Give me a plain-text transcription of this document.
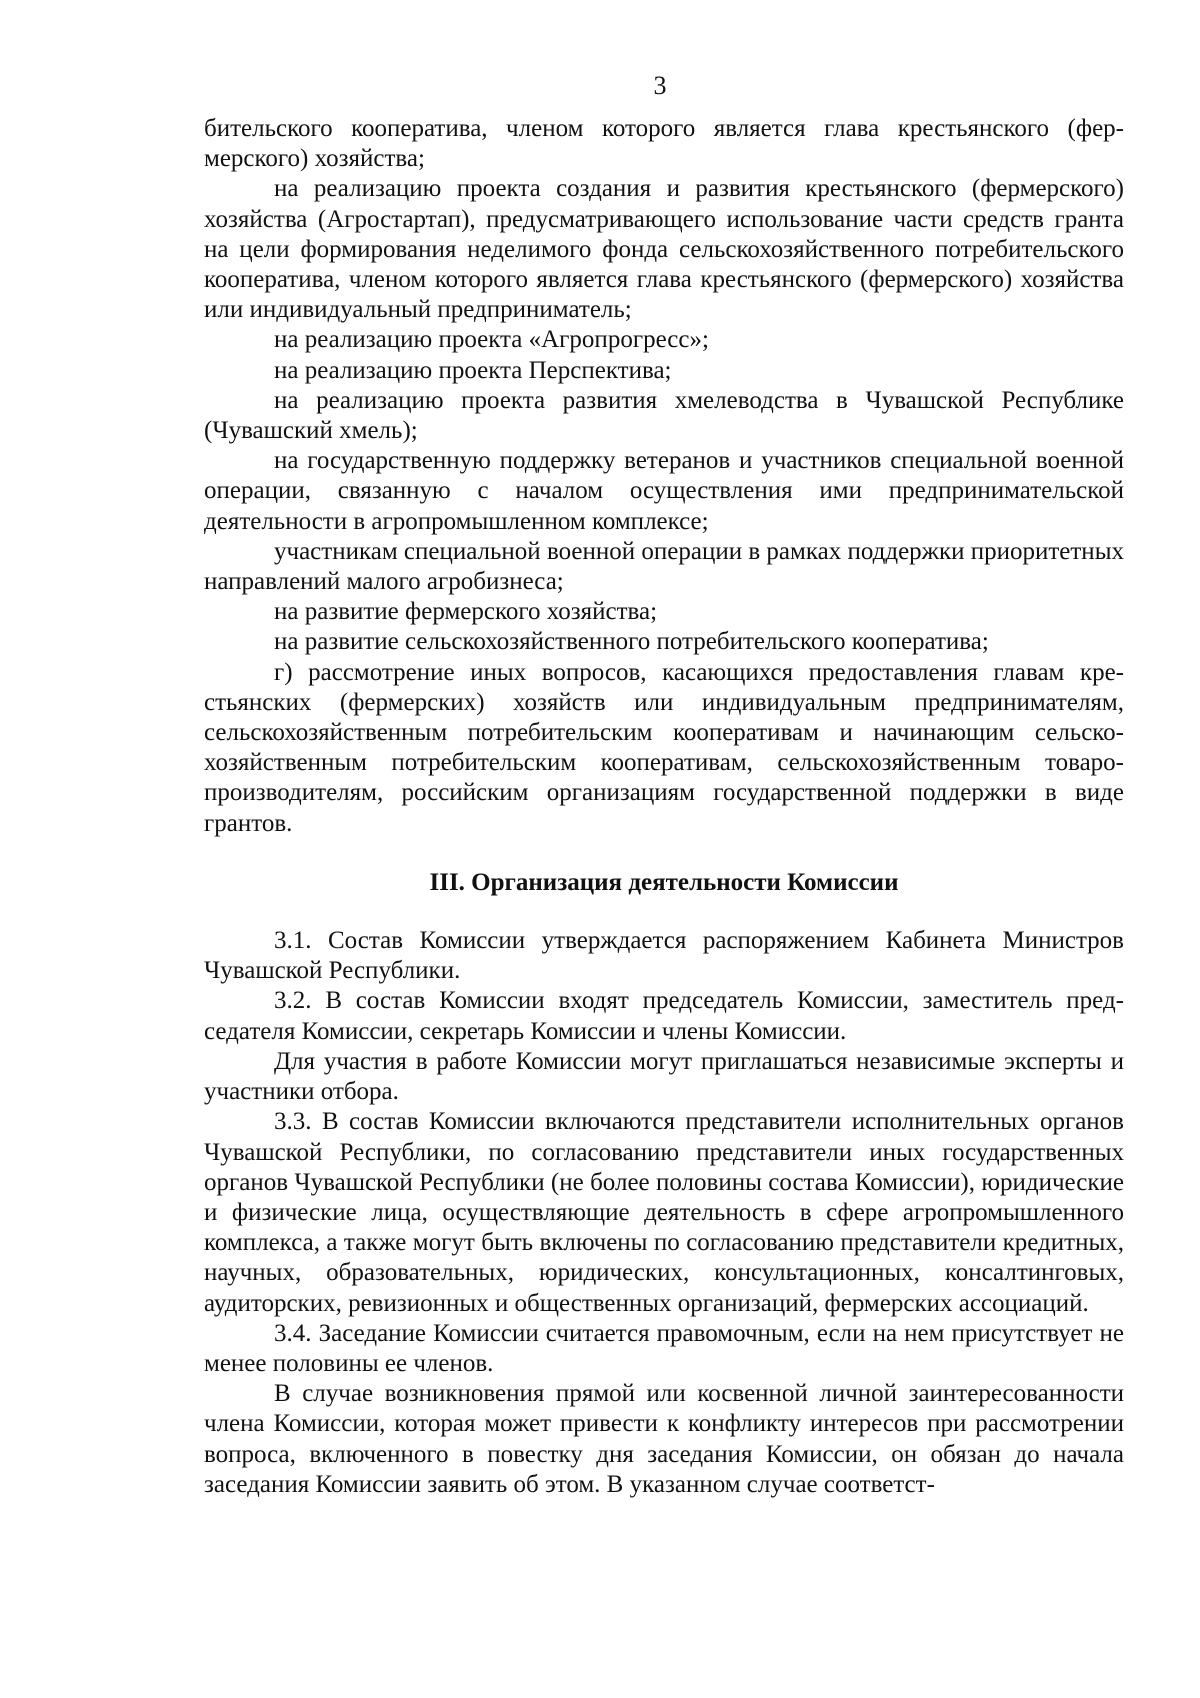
3

бительского кооператива, членом которого является глава крестьянского (фермерского) хозяйства;

на реализацию проекта создания и развития крестьянского (фермерского) хозяйства (Агростартап), предусматривающего использование части средств гранта на цели формирования неделимого фонда сельскохозяйственного потребительского кооператива, членом которого является глава крестьянского (фермерского) хозяйства или индивидуальный предприниматель;

на реализацию проекта «Агропрогресс»;

на реализацию проекта Перспектива;

на реализацию проекта развития хмелеводства в Чувашской Республике (Чувашский хмель);

на государственную поддержку ветеранов и участников специальной военной операции, связанную с началом осуществления ими предпринимательской деятельности в агропромышленном комплексе;

участникам специальной военной операции в рамках поддержки приоритетных направлений малого агробизнеса;

на развитие фермерского хозяйства;

на развитие сельскохозяйственного потребительского кооператива;

г) рассмотрение иных вопросов, касающихся предоставления главам крестьянских (фермерских) хозяйств или индивидуальным предпринимателям, сельскохозяйственным потребительским кооперативам и начинающим сельскохозяйственным потребительским кооперативам, сельскохозяйственным товаропроизводителям, российским организациям государственной поддержки в виде грантов.

III. Организация деятельности Комиссии

3.1. Состав Комиссии утверждается распоряжением Кабинета Министров Чувашской Республики.

3.2. В состав Комиссии входят председатель Комиссии, заместитель председателя Комиссии, секретарь Комиссии и члены Комиссии.

Для участия в работе Комиссии могут приглашаться независимые эксперты и участники отбора.

3.3. В состав Комиссии включаются представители исполнительных органов Чувашской Республики, по согласованию представители иных государственных органов Чувашской Республики (не более половины состава Комиссии), юридические и физические лица, осуществляющие деятельность в сфере агропромышленного комплекса, а также могут быть включены по согласованию представители кредитных, научных, образовательных, юридических, консультационных, консалтинговых, аудиторских, ревизионных и общественных организаций, фермерских ассоциаций.

3.4. Заседание Комиссии считается правомочным, если на нем присутствует не менее половины ее членов.

В случае возникновения прямой или косвенной личной заинтересованности члена Комиссии, которая может привести к конфликту интересов при рассмотрении вопроса, включенного в повестку дня заседания Комиссии, он обязан до начала заседания Комиссии заявить об этом. В указанном случае соответст-
